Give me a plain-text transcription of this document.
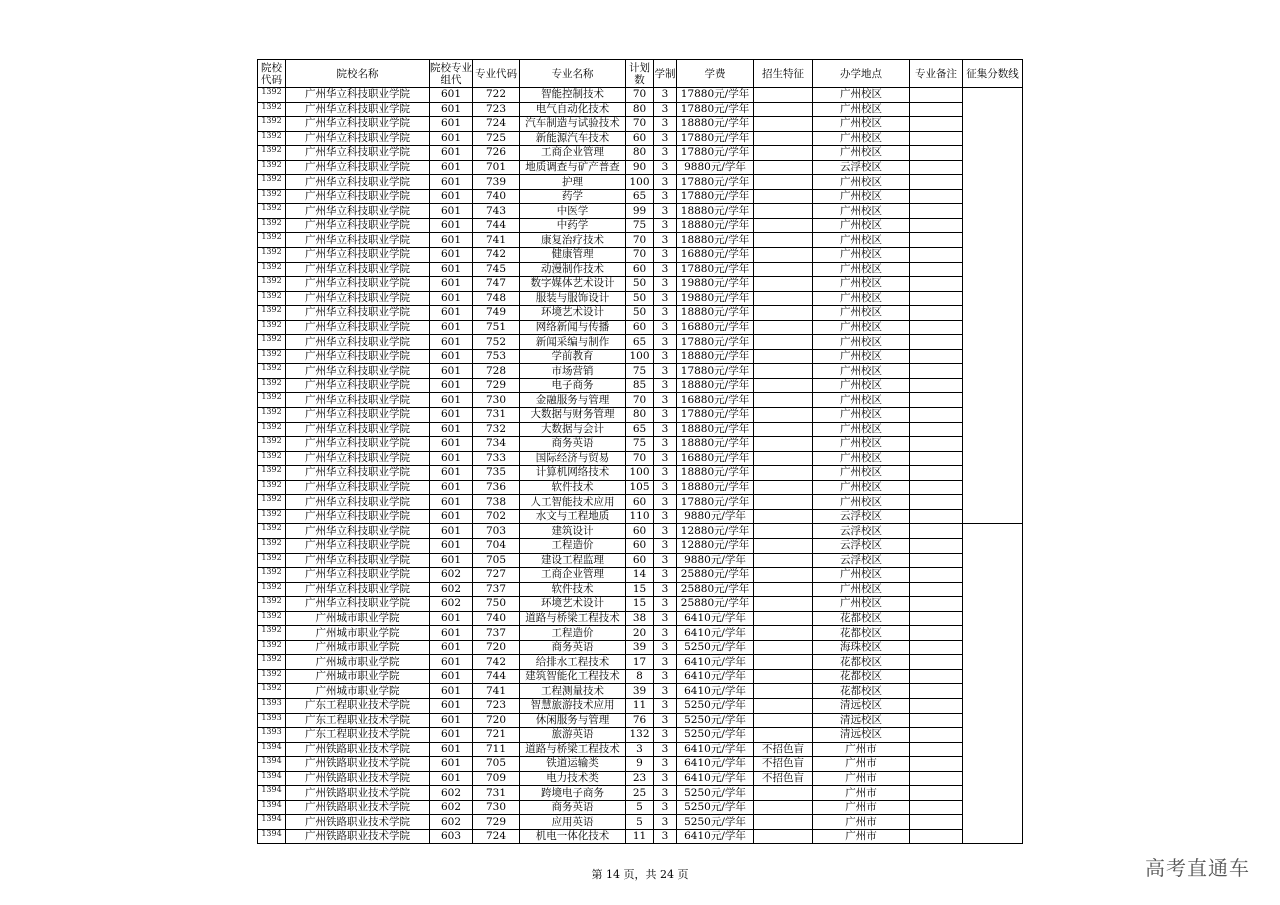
院校代码	院校名称	院校专业组代	专业代码	专业名称	计划数	学制	学费	招生特征	办学地点	专业备注	征集分数线
1392	广州华立科技职业学院	601	722	智能控制技术	70	3	17880元/学年		广州校区		
1392	广州华立科技职业学院	601	723	电气自动化技术	80	3	17880元/学年		广州校区		
1392	广州华立科技职业学院	601	724	汽车制造与试验技术	70	3	18880元/学年		广州校区		
1392	广州华立科技职业学院	601	725	新能源汽车技术	60	3	17880元/学年		广州校区		
1392	广州华立科技职业学院	601	726	工商企业管理	80	3	17880元/学年		广州校区		
1392	广州华立科技职业学院	601	701	地质调查与矿产普查	90	3	9880元/学年		云浮校区		
1392	广州华立科技职业学院	601	739	护理	100	3	17880元/学年		广州校区		
1392	广州华立科技职业学院	601	740	药学	65	3	17880元/学年		广州校区		
1392	广州华立科技职业学院	601	743	中医学	99	3	18880元/学年		广州校区		
1392	广州华立科技职业学院	601	744	中药学	75	3	18880元/学年		广州校区		
1392	广州华立科技职业学院	601	741	康复治疗技术	70	3	18880元/学年		广州校区		
1392	广州华立科技职业学院	601	742	健康管理	70	3	16880元/学年		广州校区		
1392	广州华立科技职业学院	601	745	动漫制作技术	60	3	17880元/学年		广州校区		
1392	广州华立科技职业学院	601	747	数字媒体艺术设计	50	3	19880元/学年		广州校区		
1392	广州华立科技职业学院	601	748	服装与服饰设计	50	3	19880元/学年		广州校区		
1392	广州华立科技职业学院	601	749	环境艺术设计	50	3	18880元/学年		广州校区		
1392	广州华立科技职业学院	601	751	网络新闻与传播	60	3	16880元/学年		广州校区		
1392	广州华立科技职业学院	601	752	新闻采编与制作	65	3	17880元/学年		广州校区		
1392	广州华立科技职业学院	601	753	学前教育	100	3	18880元/学年		广州校区		
1392	广州华立科技职业学院	601	728	市场营销	75	3	17880元/学年		广州校区		
1392	广州华立科技职业学院	601	729	电子商务	85	3	18880元/学年		广州校区		
1392	广州华立科技职业学院	601	730	金融服务与管理	70	3	16880元/学年		广州校区		
1392	广州华立科技职业学院	601	731	大数据与财务管理	80	3	17880元/学年		广州校区		
1392	广州华立科技职业学院	601	732	大数据与会计	65	3	18880元/学年		广州校区		
1392	广州华立科技职业学院	601	734	商务英语	75	3	18880元/学年		广州校区		
1392	广州华立科技职业学院	601	733	国际经济与贸易	70	3	16880元/学年		广州校区		
1392	广州华立科技职业学院	601	735	计算机网络技术	100	3	18880元/学年		广州校区		
1392	广州华立科技职业学院	601	736	软件技术	105	3	18880元/学年		广州校区		
1392	广州华立科技职业学院	601	738	人工智能技术应用	60	3	17880元/学年		广州校区		
1392	广州华立科技职业学院	601	702	水文与工程地质	110	3	9880元/学年		云浮校区		
1392	广州华立科技职业学院	601	703	建筑设计	60	3	12880元/学年		云浮校区		
1392	广州华立科技职业学院	601	704	工程造价	60	3	12880元/学年		云浮校区		
1392	广州华立科技职业学院	601	705	建设工程监理	60	3	9880元/学年		云浮校区		
1392	广州华立科技职业学院	602	727	工商企业管理	14	3	25880元/学年		广州校区		
1392	广州华立科技职业学院	602	737	软件技术	15	3	25880元/学年		广州校区		
1392	广州华立科技职业学院	602	750	环境艺术设计	15	3	25880元/学年		广州校区		
1392	广州城市职业学院	601	740	道路与桥梁工程技术	38	3	6410元/学年		花都校区		
1392	广州城市职业学院	601	737	工程造价	20	3	6410元/学年		花都校区		
1392	广州城市职业学院	601	720	商务英语	39	3	5250元/学年		海珠校区		
1392	广州城市职业学院	601	742	给排水工程技术	17	3	6410元/学年		花都校区		
1392	广州城市职业学院	601	744	建筑智能化工程技术	8	3	6410元/学年		花都校区		
1392	广州城市职业学院	601	741	工程测量技术	39	3	6410元/学年		花都校区		
1393	广东工程职业技术学院	601	723	智慧旅游技术应用	11	3	5250元/学年		清远校区		
1393	广东工程职业技术学院	601	720	休闲服务与管理	76	3	5250元/学年		清远校区		
1393	广东工程职业技术学院	601	721	旅游英语	132	3	5250元/学年		清远校区		
1394	广州铁路职业技术学院	601	711	道路与桥梁工程技术	3	3	6410元/学年	不招色盲	广州市		
1394	广州铁路职业技术学院	601	705	铁道运输类	9	3	6410元/学年	不招色盲	广州市		
1394	广州铁路职业技术学院	601	709	电力技术类	23	3	6410元/学年	不招色盲	广州市		
1394	广州铁路职业技术学院	602	731	跨境电子商务	25	3	5250元/学年		广州市		
1394	广州铁路职业技术学院	602	730	商务英语	5	3	5250元/学年		广州市		
1394	广州铁路职业技术学院	602	729	应用英语	5	3	5250元/学年		广州市		
1394	广州铁路职业技术学院	603	724	机电一体化技术	11	3	6410元/学年		广州市		
第 14 页，共 24 页	高考直通车
